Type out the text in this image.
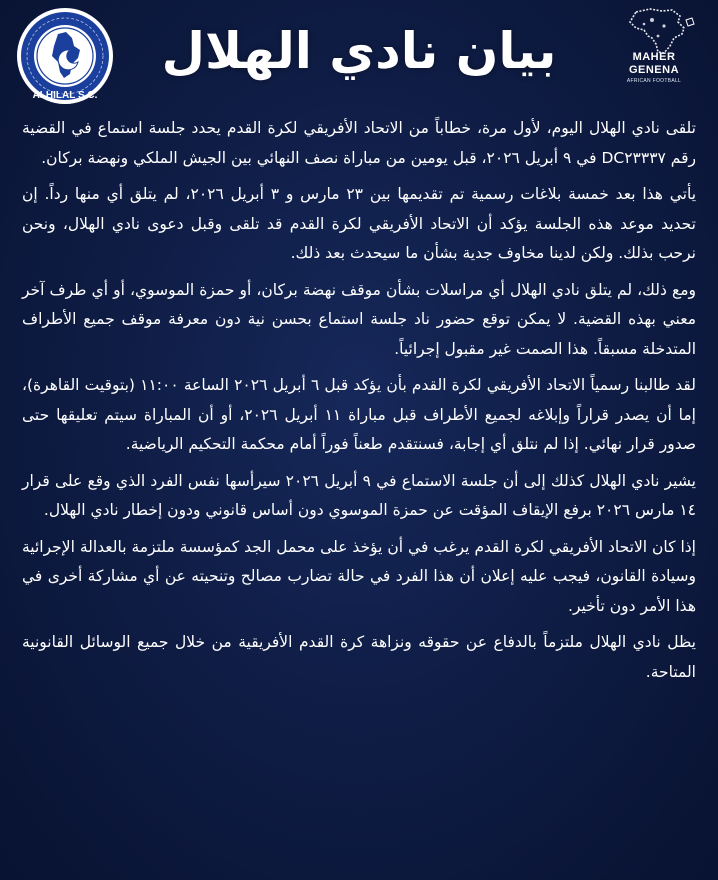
MAHER
GENENA
AFRICAN FOOTBALL
بيان نادي الهلال
ALHILAL S.C.

تلقى نادي الهلال اليوم، لأول مرة، خطاباً من الاتحاد الأفريقي لكرة القدم يحدد جلسة استماع في القضية رقم DC٢٣٣٣٧ في ٩ أبريل ٢٠٢٦، قبل يومين من مباراة نصف النهائي بين الجيش الملكي ونهضة بركان.

يأتي هذا بعد خمسة بلاغات رسمية تم تقديمها بين ٢٣ مارس و ٣ أبريل ٢٠٢٦، لم يتلق أي منها رداً. إن تحديد موعد هذه الجلسة يؤكد أن الاتحاد الأفريقي لكرة القدم قد تلقى وقبل دعوى نادي الهلال، ونحن نرحب بذلك. ولكن لدينا مخاوف جدية بشأن ما سيحدث بعد ذلك.

ومع ذلك، لم يتلق نادي الهلال أي مراسلات بشأن موقف نهضة بركان، أو حمزة الموسوي، أو أي طرف آخر معني بهذه القضية. لا يمكن توقع حضور ناد جلسة استماع بحسن نية دون معرفة موقف جميع الأطراف المتدخلة مسبقاً. هذا الصمت غير مقبول إجرائياً.

لقد طالبنا رسمياً الاتحاد الأفريقي لكرة القدم بأن يؤكد قبل ٦ أبريل ٢٠٢٦ الساعة ١١:٠٠ (بتوقيت القاهرة)، إما أن يصدر قراراً وإبلاغه لجميع الأطراف قبل مباراة ١١ أبريل ٢٠٢٦، أو أن المباراة سيتم تعليقها حتى صدور قرار نهائي. إذا لم نتلق أي إجابة، فسنتقدم طعناً فوراً أمام محكمة التحكيم الرياضية.

يشير نادي الهلال كذلك إلى أن جلسة الاستماع في ٩ أبريل ٢٠٢٦ سيرأسها نفس الفرد الذي وقع على قرار ١٤ مارس ٢٠٢٦ برفع الإيقاف المؤقت عن حمزة الموسوي دون أساس قانوني ودون إخطار نادي الهلال.

إذا كان الاتحاد الأفريقي لكرة القدم يرغب في أن يؤخذ على محمل الجد كمؤسسة ملتزمة بالعدالة الإجرائية وسيادة القانون، فيجب عليه إعلان أن هذا الفرد في حالة تضارب مصالح وتنحيته عن أي مشاركة أخرى في هذا الأمر دون تأخير.

يظل نادي الهلال ملتزماً بالدفاع عن حقوقه ونزاهة كرة القدم الأفريقية من خلال جميع الوسائل القانونية المتاحة.
